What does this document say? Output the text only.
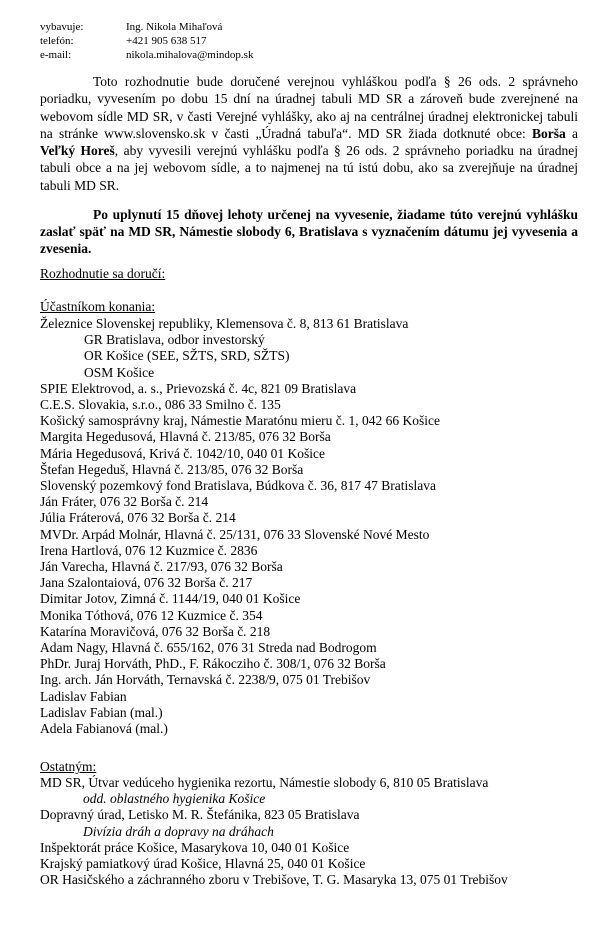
vybavuje:	Ing. Nikola Mihaľová
telefón:	+421 905 638 517
e-mail:	nikola.mihalova@mindop.sk

Toto rozhodnutie bude doručené verejnou vyhláškou podľa § 26 ods. 2 správneho poriadku, vyvesením po dobu 15 dní na úradnej tabuli MD SR a zároveň bude zverejnené na webovom sídle MD SR, v časti Verejné vyhlášky, ako aj na centrálnej úradnej elektronickej tabuli na stránke www.slovensko.sk v časti „Úradná tabuľa“. MD SR žiada dotknuté obce: Borša a Veľký Horeš, aby vyvesili verejnú vyhlášku podľa § 26 ods. 2 správneho poriadku na úradnej tabuli obce a na jej webovom sídle, a to najmenej na tú istú dobu, ako sa zverejňuje na úradnej tabuli MD SR.

Po uplynutí 15 dňovej lehoty určenej na vyvesenie, žiadame túto verejnú vyhlášku zaslať späť na MD SR, Námestie slobody 6, Bratislava s vyznačením dátumu jej vyvesenia a zvesenia.

Rozhodnutie sa doručí:

Účastníkom konania:

Železnice Slovenskej republiky, Klemensova č. 8, 813 61 Bratislava
GR Bratislava, odbor investorský
OR Košice (SEE, SŽTS, SRD, SŽTS)
OSM Košice
SPIE Elektrovod, a. s., Prievozská č. 4c, 821 09 Bratislava
C.E.S. Slovakia, s.r.o., 086 33 Smilno č. 135
Košický samosprávny kraj, Námestie Maratónu mieru č. 1, 042 66 Košice
Margita Hegedusová, Hlavná č. 213/85, 076 32 Borša
Mária Hegedusová, Krivá č. 1042/10, 040 01 Košice
Štefan Hegeduš, Hlavná č. 213/85, 076 32 Borša
Slovenský pozemkový fond Bratislava, Búdkova č. 36, 817 47 Bratislava
Ján Fráter, 076 32 Borša č. 214
Júlia Fráterová, 076 32 Borša č. 214
MVDr. Arpád Molnár, Hlavná č. 25/131, 076 33 Slovenské Nové Mesto
Irena Hartlová, 076 12 Kuzmice č. 2836
Ján Varecha, Hlavná č. 217/93, 076 32 Borša
Jana Szalontaiová, 076 32 Borša č. 217
Dimitar Jotov, Zimná č. 1144/19, 040 01 Košice
Monika Tóthová, 076 12 Kuzmice č. 354
Katarína Moravičová, 076 32 Borša č. 218
Adam Nagy, Hlavná č. 655/162, 076 31 Streda nad Bodrogom
PhDr. Juraj Horváth, PhD., F. Rákocziho č. 308/1, 076 32 Borša
Ing. arch. Ján Horváth, Ternavská č. 2238/9, 075 01 Trebišov
Ladislav Fabian
Ladislav Fabian (mal.)
Adela Fabianová (mal.)

Ostatným:

MD SR, Útvar vedúceho hygienika rezortu, Námestie slobody 6, 810 05 Bratislava
odd. oblastného hygienika Košice
Dopravný úrad, Letisko M. R. Štefánika, 823 05 Bratislava
Divízia dráh a dopravy na dráhach
Inšpektorát práce Košice, Masarykova 10, 040 01 Košice
Krajský pamiatkový úrad Košice, Hlavná 25, 040 01 Košice
OR Hasičského a záchranného zboru v Trebišove, T. G. Masaryka 13, 075 01 Trebišov
